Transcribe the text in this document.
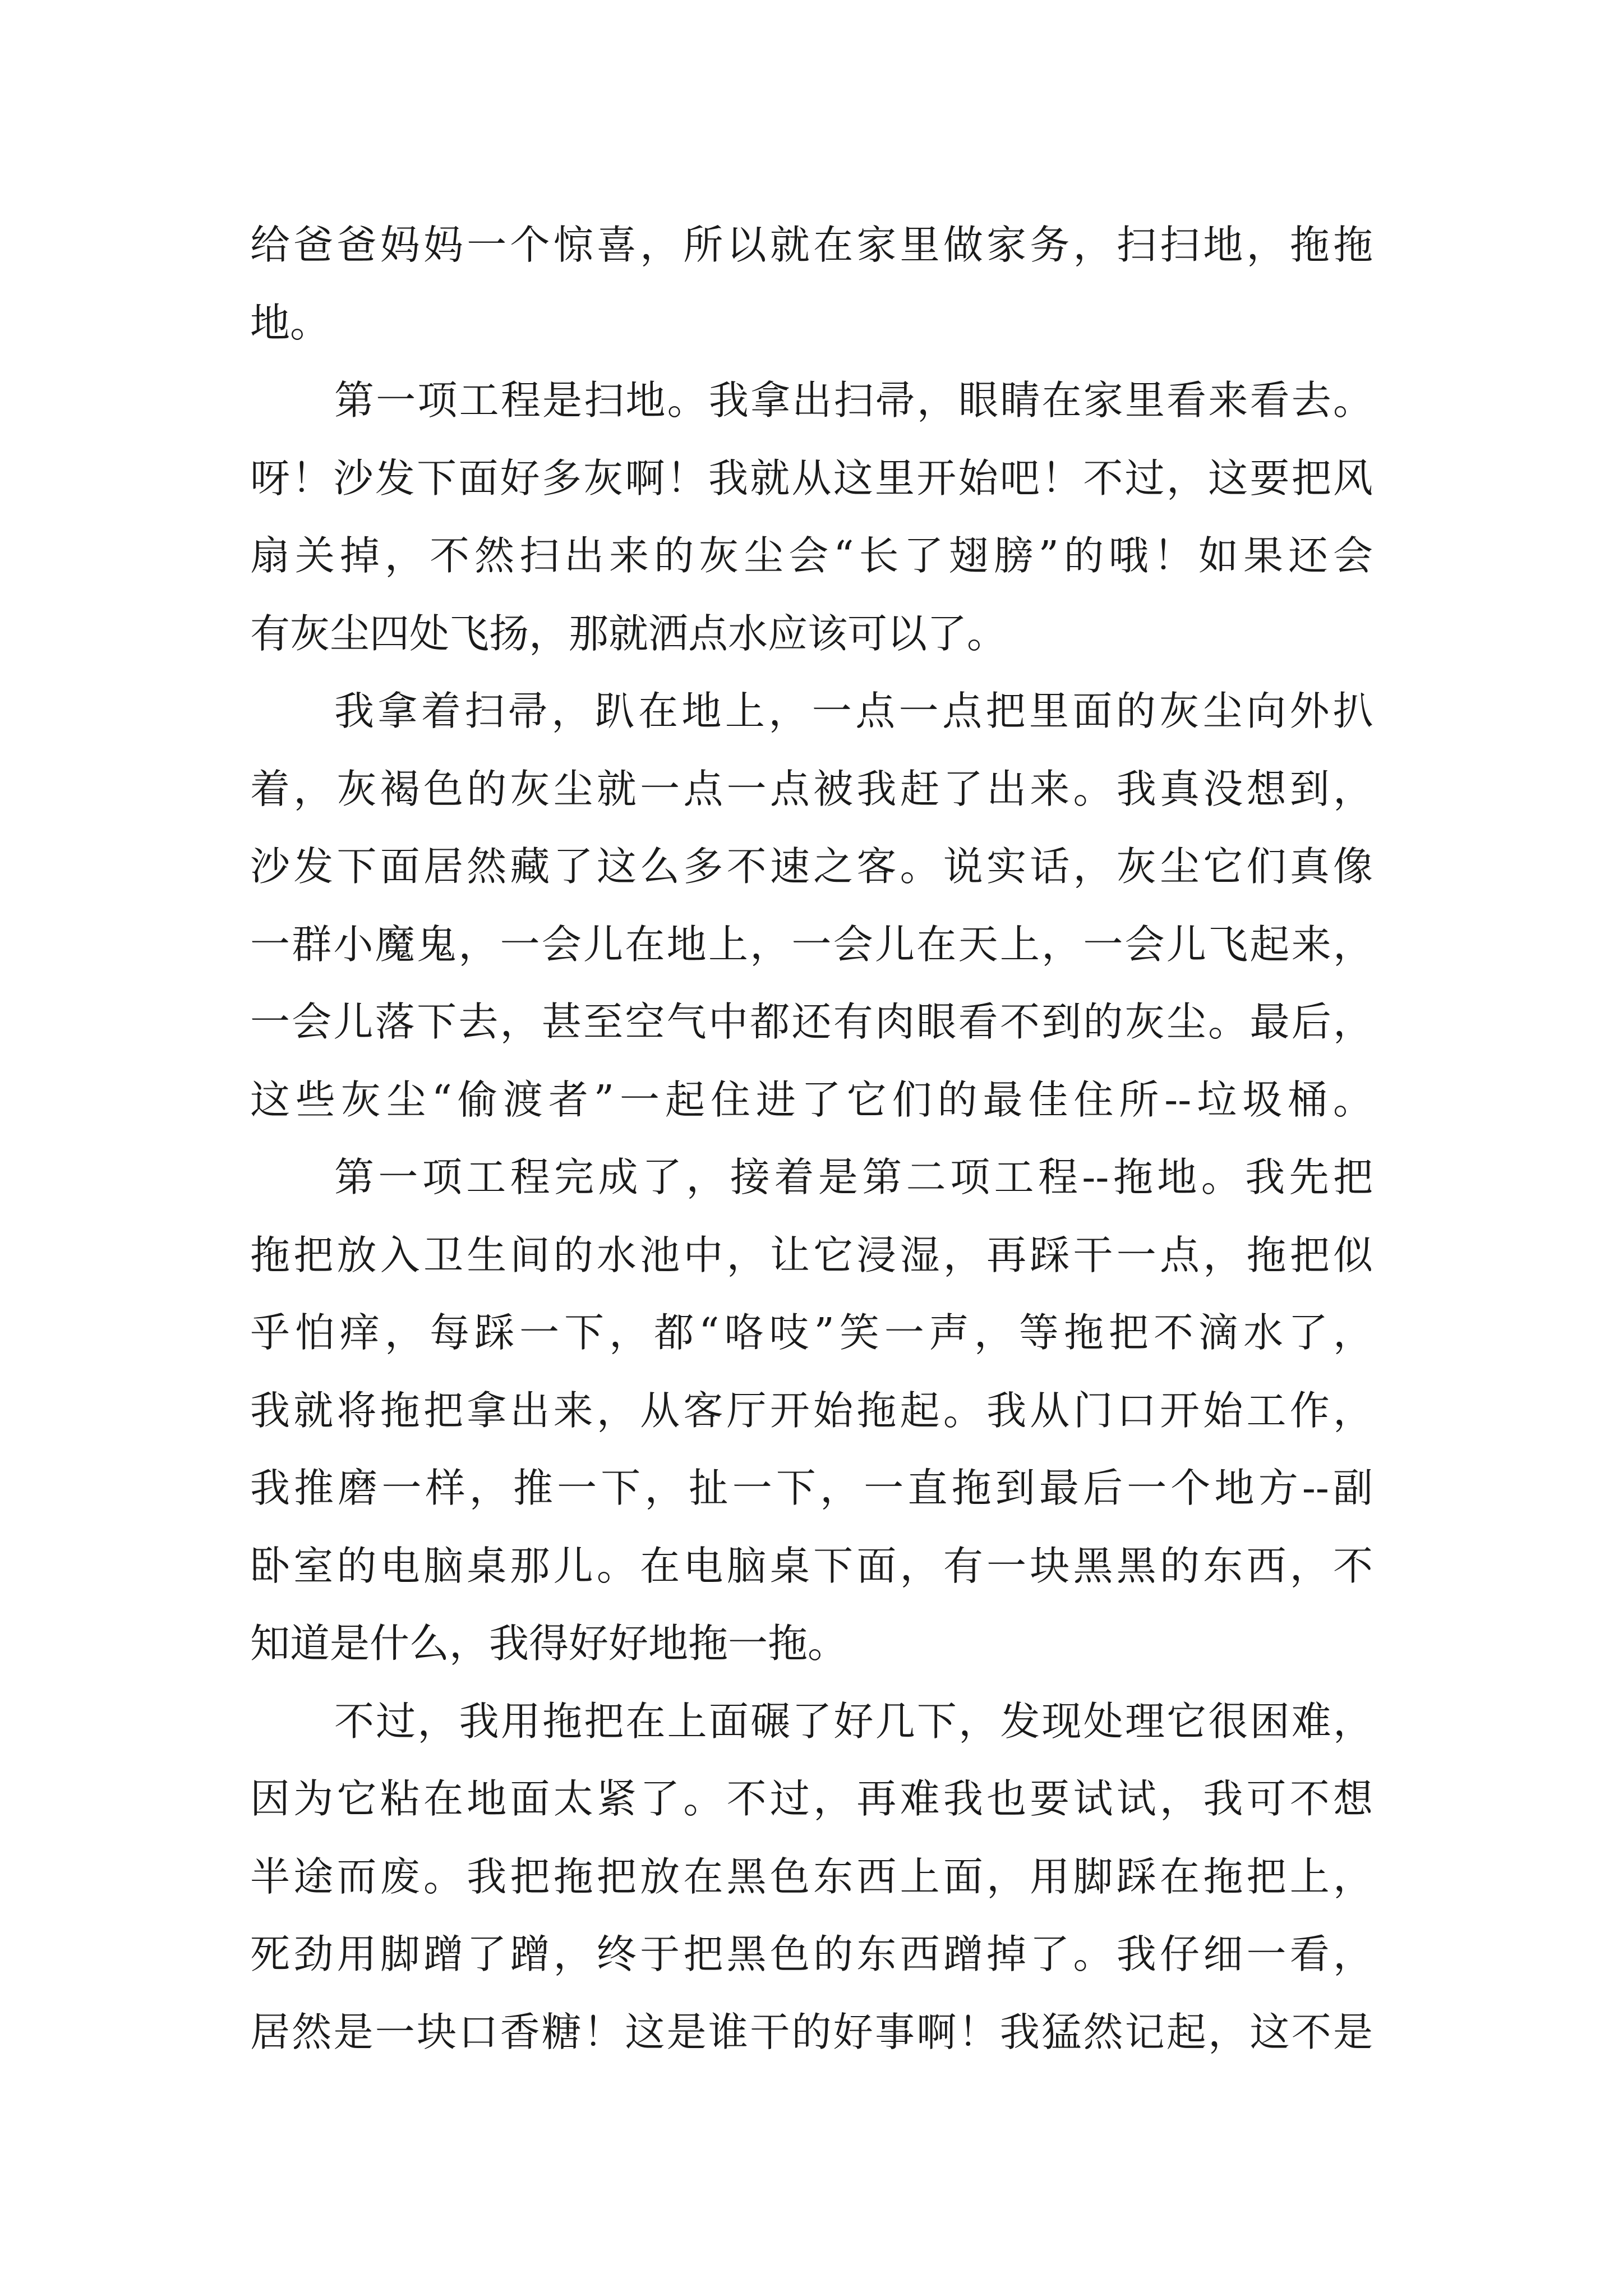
给爸爸妈妈一个惊喜，所以就在家里做家务，扫扫地，拖拖
地。
第一项工程是扫地。我拿出扫帚，眼睛在家里看来看去。
呀！沙发下面好多灰啊！我就从这里开始吧！不过，这要把风
扇关掉，不然扫出来的灰尘会“长了翅膀”的哦！如果还会
有灰尘四处飞扬，那就洒点水应该可以了。
我拿着扫帚，趴在地上，一点一点把里面的灰尘向外扒
着，灰褐色的灰尘就一点一点被我赶了出来。我真没想到，
沙发下面居然藏了这么多不速之客。说实话，灰尘它们真像
一群小魔鬼，一会儿在地上，一会儿在天上，一会儿飞起来，
一会儿落下去，甚至空气中都还有肉眼看不到的灰尘。最后，
这些灰尘“偷渡者”一起住进了它们的最佳住所--垃圾桶。
第一项工程完成了，接着是第二项工程--拖地。我先把
拖把放入卫生间的水池中，让它浸湿，再踩干一点，拖把似
乎怕痒，每踩一下，都“咯吱”笑一声，等拖把不滴水了，
我就将拖把拿出来，从客厅开始拖起。我从门口开始工作，
我推磨一样，推一下，扯一下，一直拖到最后一个地方--副
卧室的电脑桌那儿。在电脑桌下面，有一块黑黑的东西，不
知道是什么，我得好好地拖一拖。
不过，我用拖把在上面碾了好几下，发现处理它很困难，
因为它粘在地面太紧了。不过，再难我也要试试，我可不想
半途而废。我把拖把放在黑色东西上面，用脚踩在拖把上，
死劲用脚蹭了蹭，终于把黑色的东西蹭掉了。我仔细一看，
居然是一块口香糖！这是谁干的好事啊！我猛然记起，这不是
